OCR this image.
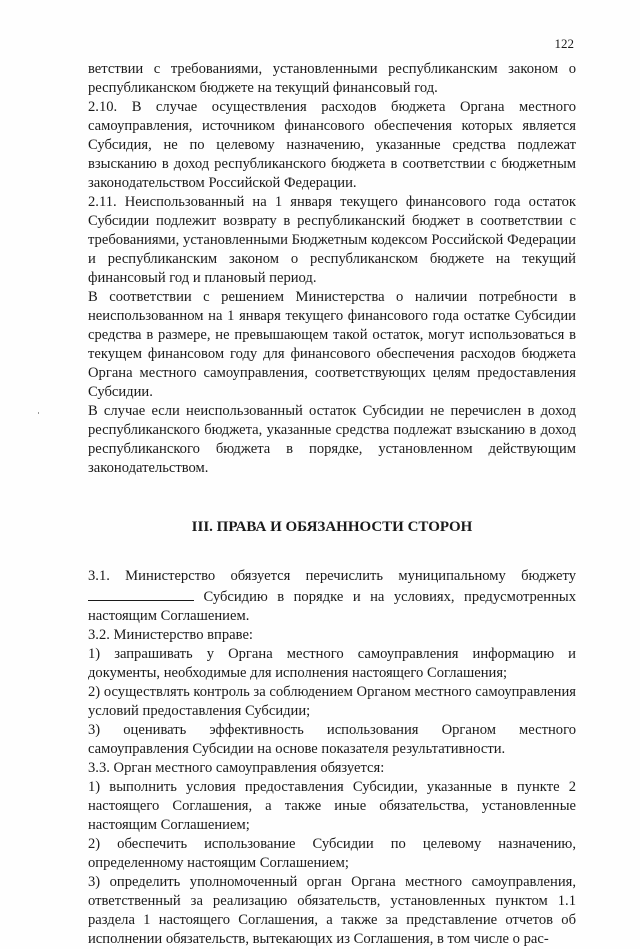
122

ветствии с требованиями, установленными республиканским законом о республиканском бюджете на текущий финансовый год.

2.10. В случае осуществления расходов бюджета Органа местного самоуправления, источником финансового обеспечения которых является Субсидия, не по целевому назначению, указанные средства подлежат взысканию в доход республиканского бюджета в соответствии с бюджетным законодательством Российской Федерации.

2.11. Неиспользованный на 1 января текущего финансового года остаток Субсидии подлежит возврату в республиканский бюджет в соответствии с требованиями, установленными Бюджетным кодексом Российской Федерации и республиканским законом о республиканском бюджете на текущий финансовый год и плановый период.

В соответствии с решением Министерства о наличии потребности в неиспользованном на 1 января текущего финансового года остатке Субсидии средства в размере, не превышающем такой остаток, могут использоваться в текущем финансовом году для финансового обеспечения расходов бюджета Органа местного самоуправления, соответствующих целям предоставления Субсидии.

В случае если неиспользованный остаток Субсидии не перечислен в доход республиканского бюджета, указанные средства подлежат взысканию в доход республиканского бюджета в порядке, установленном действующим законодательством.

III. ПРАВА И ОБЯЗАННОСТИ СТОРОН

3.1. Министерство обязуется перечислить муниципальному бюджету  Субсидию в порядке и на условиях, предусмотренных настоящим Соглашением.

3.2. Министерство вправе:

1) запрашивать у Органа местного самоуправления информацию и документы, необходимые для исполнения настоящего Соглашения;

2) осуществлять контроль за соблюдением Органом местного самоуправления условий предоставления Субсидии;

3) оценивать эффективность использования Органом местного самоуправления Субсидии на основе показателя результативности.

3.3. Орган местного самоуправления обязуется:

1) выполнить условия предоставления Субсидии, указанные в пункте 2 настоящего Соглашения, а также иные обязательства, установленные настоящим Соглашением;

2) обеспечить использование Субсидии по целевому назначению, определенному настоящим Соглашением;

3) определить уполномоченный орган Органа местного самоуправления, ответственный за реализацию обязательств, установленных пунктом 1.1 раздела 1 настоящего Соглашения, а также за представление отчетов об исполнении обязательств, вытекающих из Соглашения, в том числе о рас-
